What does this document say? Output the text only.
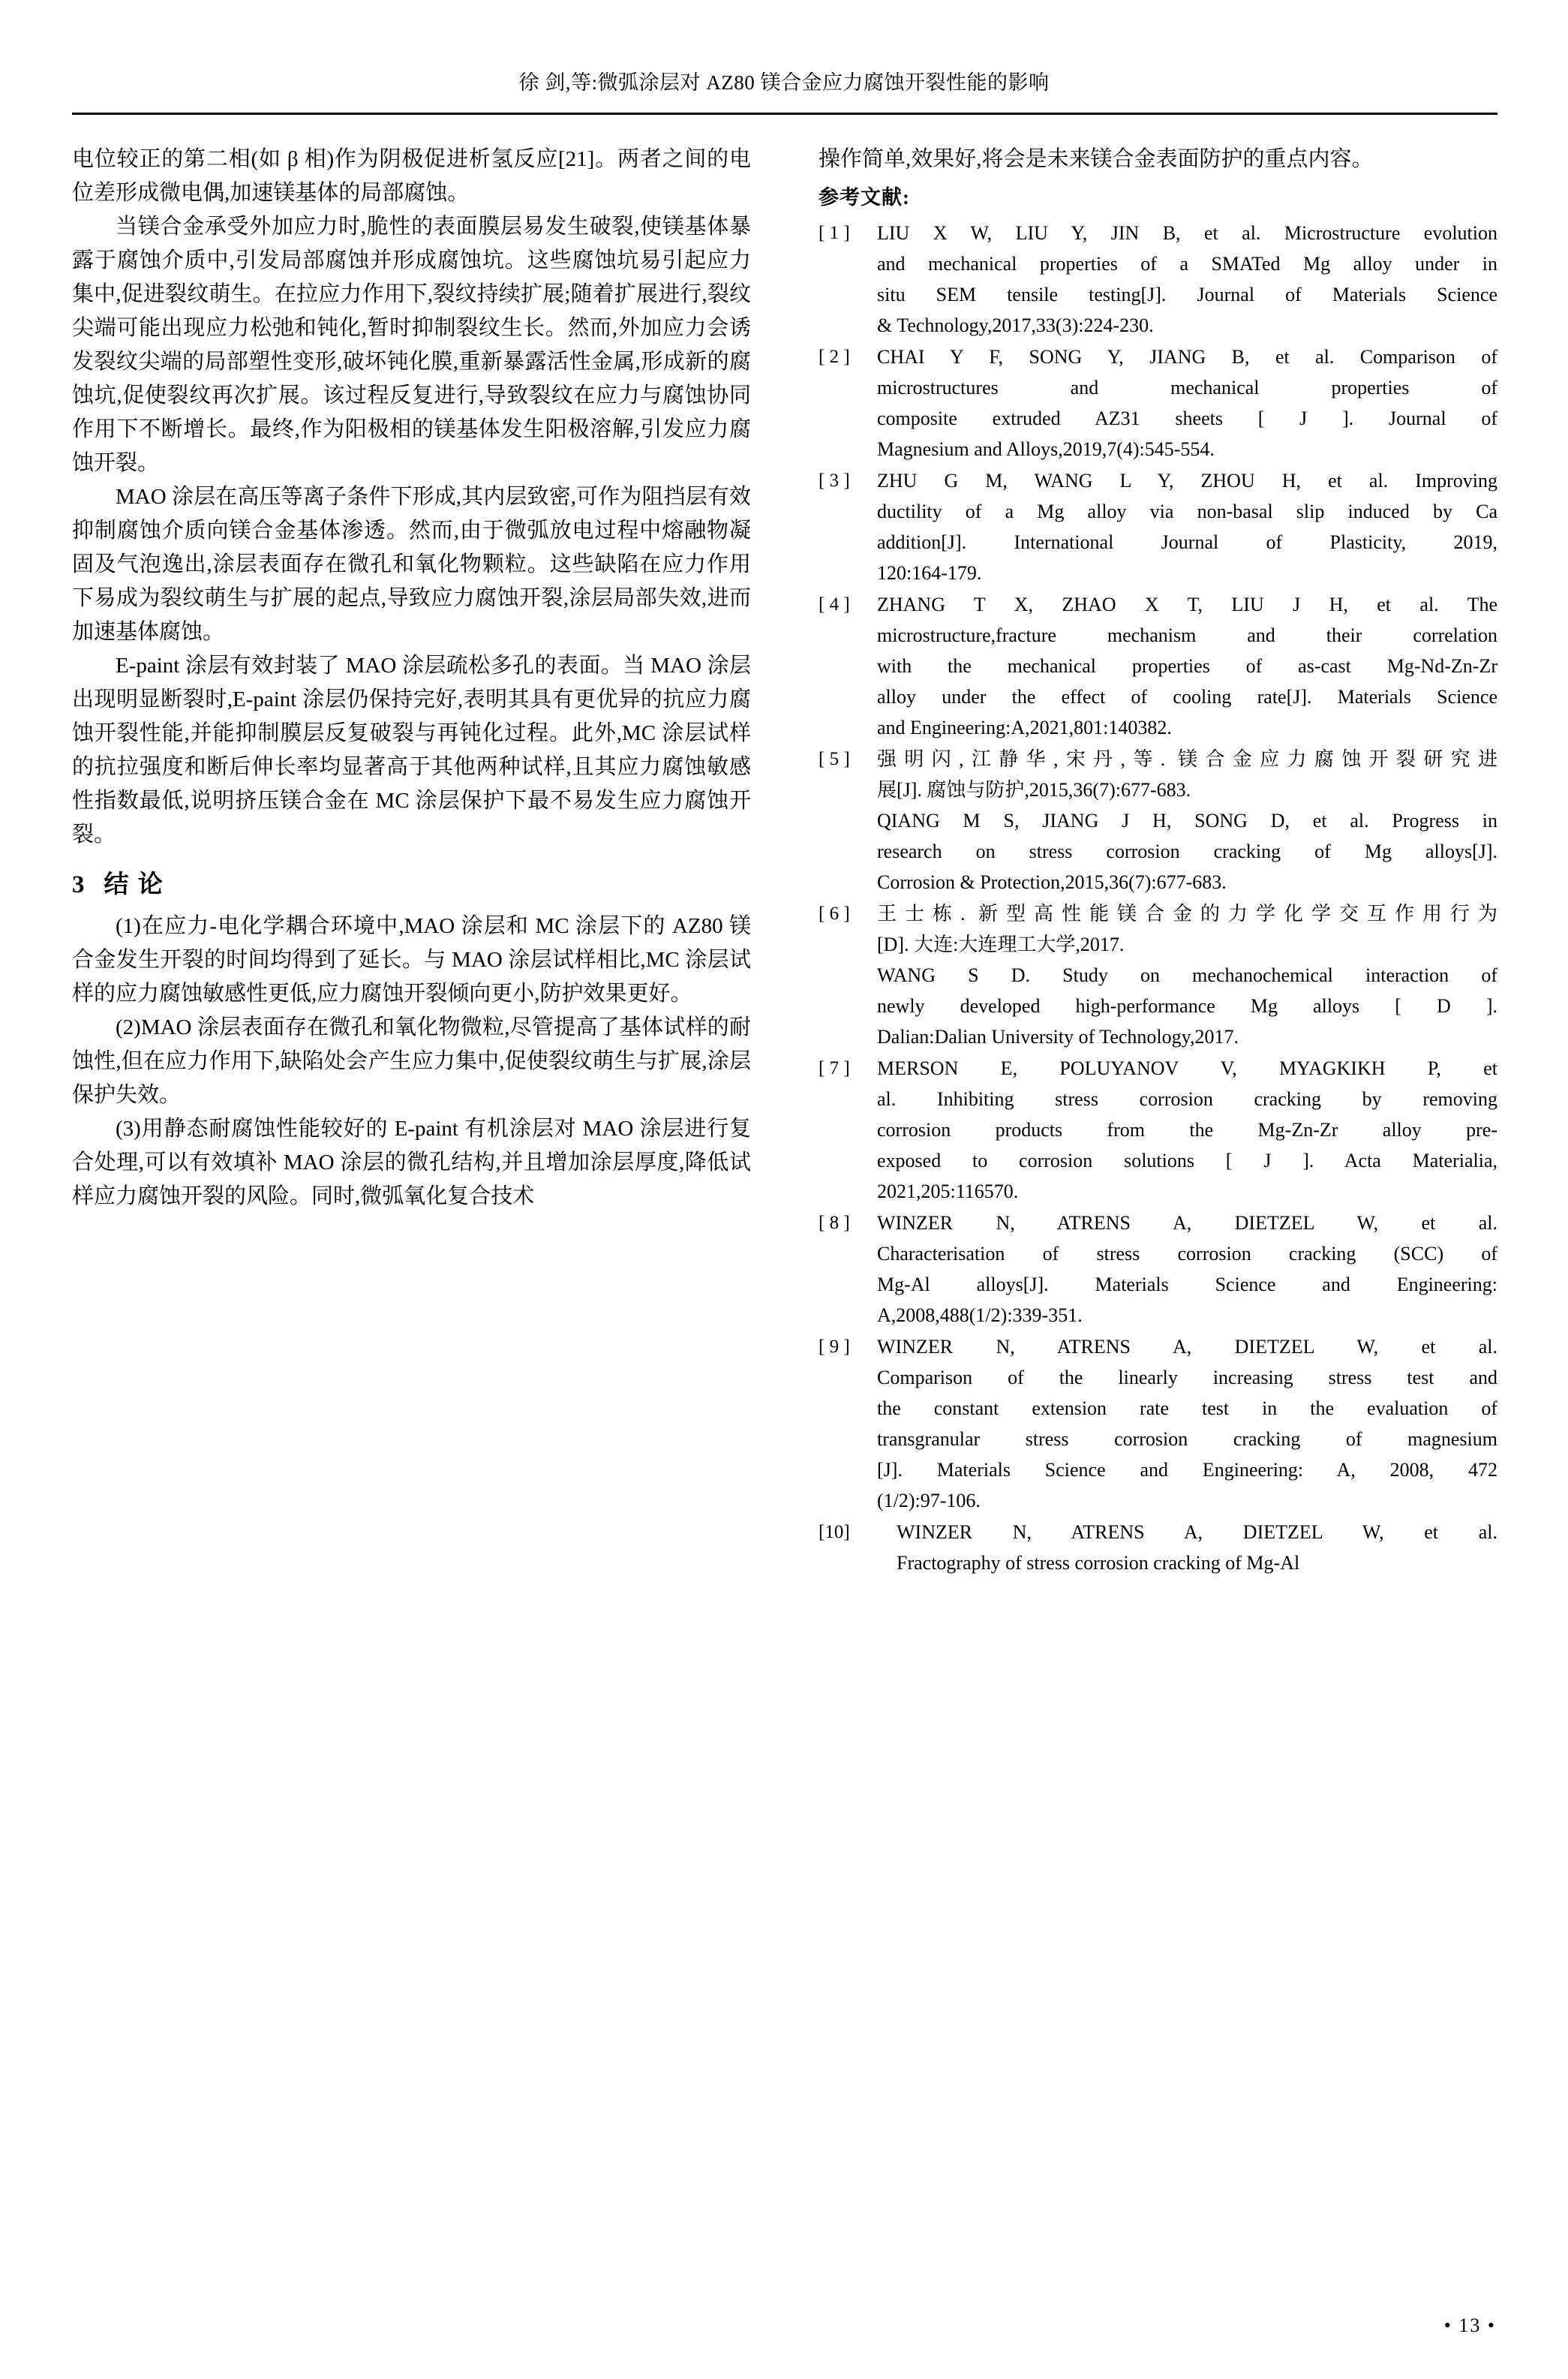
徐 剑,等:微弧涂层对 AZ80 镁合金应力腐蚀开裂性能的影响

电位较正的第二相(如 β 相)作为阴极促进析氢反应[21]。两者之间的电位差形成微电偶,加速镁基体的局部腐蚀。

当镁合金承受外加应力时,脆性的表面膜层易发生破裂,使镁基体暴露于腐蚀介质中,引发局部腐蚀并形成腐蚀坑。这些腐蚀坑易引起应力集中,促进裂纹萌生。在拉应力作用下,裂纹持续扩展;随着扩展进行,裂纹尖端可能出现应力松弛和钝化,暂时抑制裂纹生长。然而,外加应力会诱发裂纹尖端的局部塑性变形,破坏钝化膜,重新暴露活性金属,形成新的腐蚀坑,促使裂纹再次扩展。该过程反复进行,导致裂纹在应力与腐蚀协同作用下不断增长。最终,作为阳极相的镁基体发生阳极溶解,引发应力腐蚀开裂。

MAO 涂层在高压等离子条件下形成,其内层致密,可作为阻挡层有效抑制腐蚀介质向镁合金基体渗透。然而,由于微弧放电过程中熔融物凝固及气泡逸出,涂层表面存在微孔和氧化物颗粒。这些缺陷在应力作用下易成为裂纹萌生与扩展的起点,导致应力腐蚀开裂,涂层局部失效,进而加速基体腐蚀。

E-paint 涂层有效封装了 MAO 涂层疏松多孔的表面。当 MAO 涂层出现明显断裂时,E-paint 涂层仍保持完好,表明其具有更优异的抗应力腐蚀开裂性能,并能抑制膜层反复破裂与再钝化过程。此外,MC 涂层试样的抗拉强度和断后伸长率均显著高于其他两种试样,且其应力腐蚀敏感性指数最低,说明挤压镁合金在 MC 涂层保护下最不易发生应力腐蚀开裂。

3 结 论

(1)在应力-电化学耦合环境中,MAO 涂层和 MC 涂层下的 AZ80 镁合金发生开裂的时间均得到了延长。与 MAO 涂层试样相比,MC 涂层试样的应力腐蚀敏感性更低,应力腐蚀开裂倾向更小,防护效果更好。

(2)MAO 涂层表面存在微孔和氧化物微粒,尽管提高了基体试样的耐蚀性,但在应力作用下,缺陷处会产生应力集中,促使裂纹萌生与扩展,涂层保护失效。

(3)用静态耐腐蚀性能较好的 E-paint 有机涂层对 MAO 涂层进行复合处理,可以有效填补 MAO 涂层的微孔结构,并且增加涂层厚度,降低试样应力腐蚀开裂的风险。同时,微弧氧化复合技术

操作简单,效果好,将会是未来镁合金表面防护的重点内容。

参考文献:
[ 1 ]	LIU X W, LIU Y, JIN B, et al. Microstructure evolution
and mechanical properties of a SMATed Mg alloy under in
situ SEM tensile testing[J]. Journal of Materials Science
& Technology,2017,33(3):224-230.
[ 2 ]	CHAI Y F, SONG Y, JIANG B, et al. Comparison of
microstructures and mechanical properties of
composite extruded AZ31 sheets [ J ]. Journal of
Magnesium and Alloys,2019,7(4):545-554.
[ 3 ]	ZHU G M, WANG L Y, ZHOU H, et al. Improving
ductility of a Mg alloy via non-basal slip induced by Ca
addition[J]. International Journal of Plasticity, 2019,
120:164-179.
[ 4 ]	ZHANG T X, ZHAO X T, LIU J H, et al. The
microstructure,fracture mechanism and their correlation
with the mechanical properties of as-cast Mg-Nd-Zn-Zr
alloy under the effect of cooling rate[J]. Materials Science
and Engineering:A,2021,801:140382.
[ 5 ]	强明闪,江静华,宋丹,等. 镁合金应力腐蚀开裂研究进
展[J]. 腐蚀与防护,2015,36(7):677-683.
QIANG M S, JIANG J H, SONG D, et al. Progress in
research on stress corrosion cracking of Mg alloys[J].
Corrosion & Protection,2015,36(7):677-683.
[ 6 ]	王士栋. 新型高性能镁合金的力学化学交互作用行为
[D]. 大连:大连理工大学,2017.
WANG S D. Study on mechanochemical interaction of
newly developed high-performance Mg alloys [ D ].
Dalian:Dalian University of Technology,2017.
[ 7 ]	MERSON E, POLUYANOV V, MYAGKIKH P, et
al. Inhibiting stress corrosion cracking by removing
corrosion products from the Mg-Zn-Zr alloy pre-
exposed to corrosion solutions [ J ]. Acta Materialia,
2021,205:116570.
[ 8 ]	WINZER N, ATRENS A, DIETZEL W, et al.
Characterisation of stress corrosion cracking (SCC) of
Mg-Al alloys[J]. Materials Science and Engineering:
A,2008,488(1/2):339-351.
[ 9 ]	WINZER N, ATRENS A, DIETZEL W, et al.
Comparison of the linearly increasing stress test and
the constant extension rate test in the evaluation of
transgranular stress corrosion cracking of magnesium
[J]. Materials Science and Engineering: A, 2008, 472
(1/2):97-106.
[10]	WINZER N, ATRENS A, DIETZEL W, et al.
Fractography of stress corrosion cracking of Mg-Al
• 13 •
